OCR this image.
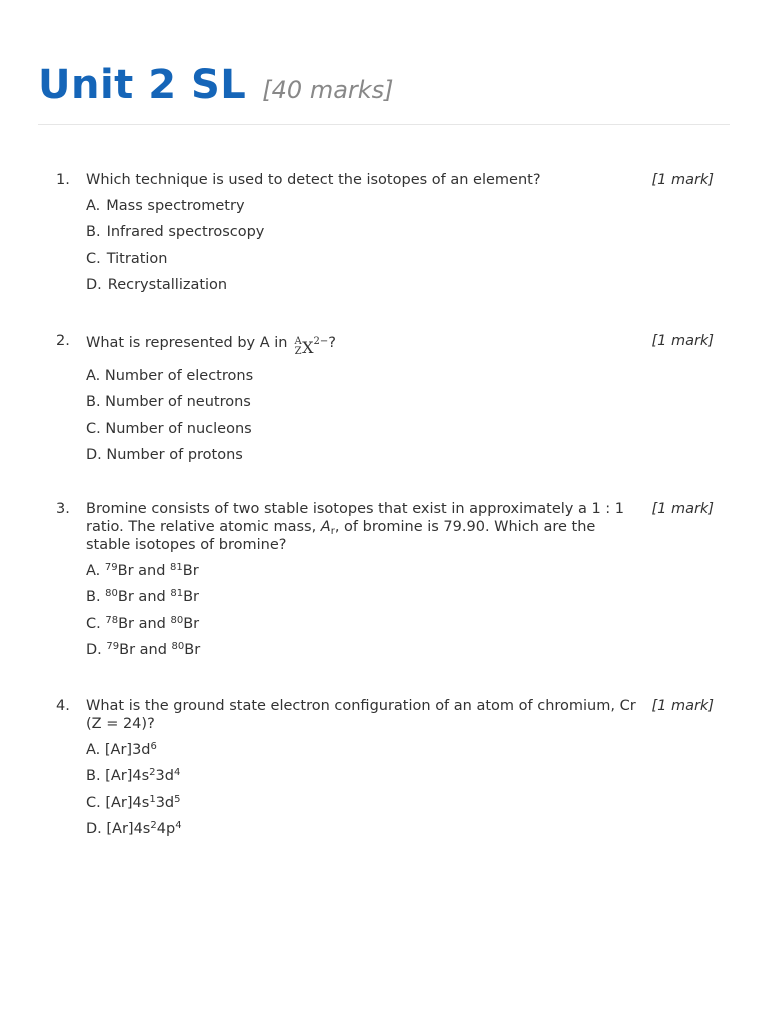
Unit 2 SL [40 marks]
1.	Which technique is used to detect the isotopes of an element?	[1 mark]
A. Mass spectrometry
B. Infrared spectroscopy
C. Titration
D. Recrystallization
2.	What is represented by A in A
ZX2−?	[1 mark]
A. Number of electrons
B. Number of neutrons
C. Number of nucleons
D. Number of protons
3.	Bromine consists of two stable isotopes that exist in approximately a 1 : 1 ratio. The relative atomic mass, $A_r$, of bromine is 79.90. Which are the stable isotopes of bromine?
[1 mark]
A. $^{79}$Br and $^{81}$Br
B. $^{80}$Br and $^{81}$Br
C. $^{78}$Br and $^{80}$Br
D. $^{79}$Br and $^{80}$Br
4.	What is the ground state electron configuration of an atom of chromium, Cr (Z = 24)?
[1 mark]
A. $[Ar]3d^6$
B. $[Ar]4s^23d^4$
C. $[Ar]4s^13d^5$
D. $[Ar]4s^24p^4$
